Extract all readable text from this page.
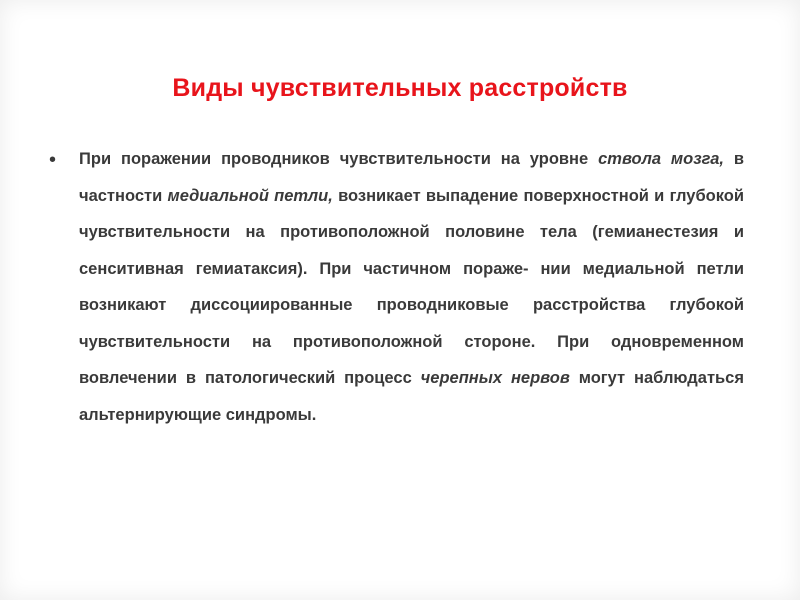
Виды чувствительных расстройств
• При поражении проводников чувствительности на уровне ствола мозга, в частности медиальной петли, возникает выпадение поверхностной и глубокой чувствительности на противоположной половине тела (гемианестезия и сенситивная гемиатаксия). При частичном пораже- нии медиальной петли возникают диссоциированные проводниковые расстройства глубокой чувствительности на противоположной стороне. При одновременном вовлечении в патологический процесс черепных нервов могут наблюдаться альтернирующие синдромы.
